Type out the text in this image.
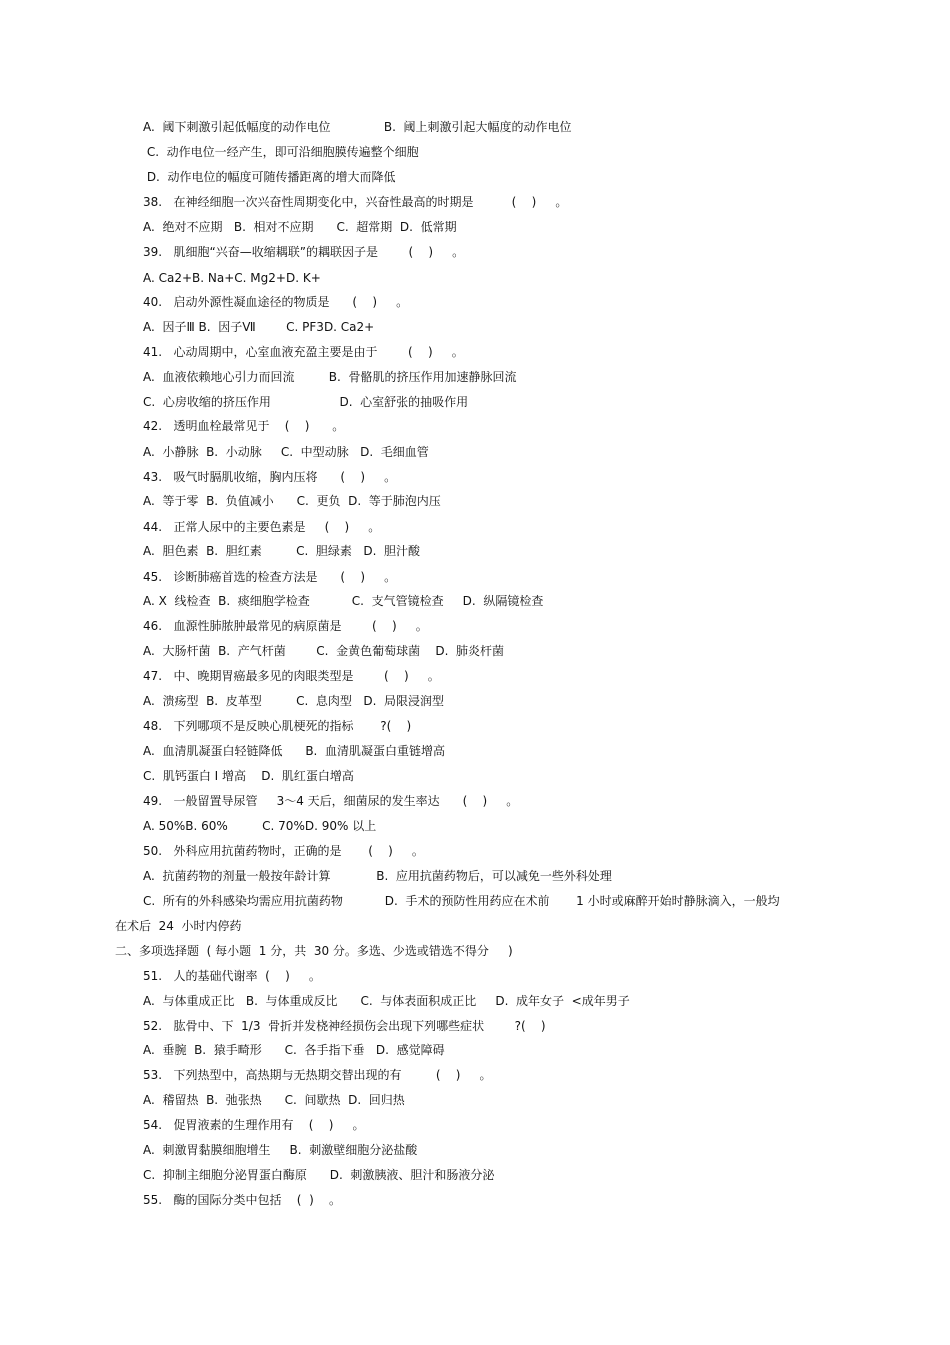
A.  阈下刺激引起低幅度的动作电位              B.  阈上刺激引起大幅度的动作电位
C.  动作电位一经产生，即可沿细胞膜传遍整个细胞
D.  动作电位的幅度可随传播距离的增大而降低
38.   在神经细胞一次兴奋性周期变化中，兴奋性最高的时期是          (    )     。
A.  绝对不应期   B.  相对不应期      C.  超常期  D.  低常期
39.   肌细胞“兴奋—收缩耦联”的耦联因子是        (    )     。
A. Ca2+B. Na+C. Mg2+D. K+
40.   启动外源性凝血途径的物质是      (    )     。
A.  因子Ⅲ B.  因子Ⅶ        C. PF3D. Ca2+
41.   心动周期中，心室血液充盈主要是由于        (    )     。
A.  血液依赖地心引力而回流         B.  骨骼肌的挤压作用加速静脉回流
C.  心房收缩的挤压作用                  D.  心室舒张的抽吸作用
42.   透明血栓最常见于    (    )      。
A.  小静脉  B.  小动脉     C.  中型动脉   D.  毛细血管
43.   吸气时膈肌收缩，胸内压将      (    )     。
A.  等于零  B.  负值减小      C.  更负  D.  等于肺泡内压
44.   正常人尿中的主要色素是     (    )     。
A.  胆色素  B.  胆红素         C.  胆绿素   D.  胆汁酸
45.   诊断肺癌首选的检查方法是      (    )     。
A. X  线检查  B.  痰细胞学检查           C.  支气管镜检查     D.  纵隔镜检查
46.   血源性肺脓肿最常见的病原菌是        (    )     。
A.  大肠杆菌  B.  产气杆菌        C.  金黄色葡萄球菌    D.  肺炎杆菌
47.   中、晚期胃癌最多见的肉眼类型是        (    )     。
A.  溃疡型  B.  皮革型         C.  息肉型   D.  局限浸润型
48.   下列哪项不是反映心肌梗死的指标       ?(    )
A.  血清肌凝蛋白轻链降低      B.  血清肌凝蛋白重链增高
C.  肌钙蛋白 I 增高    D.  肌红蛋白增高
49.   一般留置导尿管     3～4 天后，细菌尿的发生率达      (    )     。
A. 50%B. 60%         C. 70%D. 90% 以上
50.   外科应用抗菌药物时，正确的是       (    )     。
A.  抗菌药物的剂量一般按年龄计算            B.  应用抗菌药物后，可以减免一些外科处理
C.  所有的外科感染均需应用抗菌药物           D.  手术的预防性用药应在术前       1 小时或麻醉开始时静脉滴入，一般均
在术后  24  小时内停药
二、多项选择题  ( 每小题  1 分，共  30 分。多选、少选或错选不得分     )
51.   人的基础代谢率  (    )     。
A.  与体重成正比   B.  与体重成反比      C.  与体表面积成正比     D.  成年女子  <成年男子
52.   肱骨中、下  1/3  骨折并发桡神经损伤会出现下列哪些症状        ?(    )
A.  垂腕  B.  猿手畸形      C.  各手指下垂   D.  感觉障碍
53.   下列热型中，高热期与无热期交替出现的有         (    )     。
A.  稽留热  B.  弛张热      C.  间歇热  D.  回归热
54.   促胃液素的生理作用有    (    )     。
A.  刺激胃黏膜细胞增生     B.  刺激壁细胞分泌盐酸
C.  抑制主细胞分泌胃蛋白酶原      D.  刺激胰液、胆汁和肠液分泌
55.   酶的国际分类中包括    (  )    。
